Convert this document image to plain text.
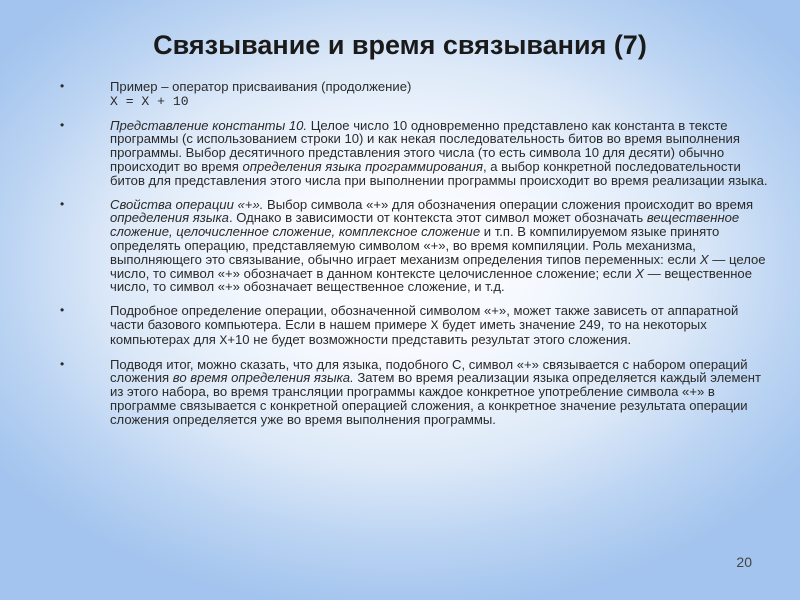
Связывание и время связывания (7)
•	Пример – оператор присваивания (продолжение)
X = X + 10
•	Представление константы 10. Целое число 10 одновременно представлено как константа в тексте программы (с использованием строки 10) и как некая последовательность битов во время выполнения программы. Выбор десятичного представления этого числа (то есть символа 10 для десяти) обычно происходит во время определения языка программирования, а выбор конкретной последовательности битов для представления этого числа при выполнении программы происходит во время реализации языка.
•	Свойства операции «+». Выбор символа «+» для обозначения операции сложения происходит во время определения языка. Однако в зависимости от контекста этот символ может обозначать вещественное сложение, целочисленное сложение, комплексное сложение и т.п. В компилируемом языке принято определять операцию, представляемую символом «+», во время компиляции. Роль механизма, выполняющего это связывание, обычно играет механизм определения типов переменных: если X — целое число, то символ «+» обозначает в данном контексте целочисленное сложение; если X — вещественное число, то символ «+» обозначает вещественное сложение, и т.д.
•	Подробное определение операции, обозначенной символом «+», может также зависеть от аппаратной части базового компьютера. Если в нашем примере X будет иметь значение 249, то на некоторых компьютерах для X+10 не будет возможности представить результат этого сложения.
•	Подводя итог, можно сказать, что для языка, подобного С, символ «+» связывается с набором операций сложения во время определения языка. Затем во время реализации языка определяется каждый элемент из этого набора, во время трансляции программы каждое конкретное употребление символа «+» в программе связывается с конкретной операцией сложения, а конкретное значение результата операции сложения определяется уже во время выполнения программы.
20
